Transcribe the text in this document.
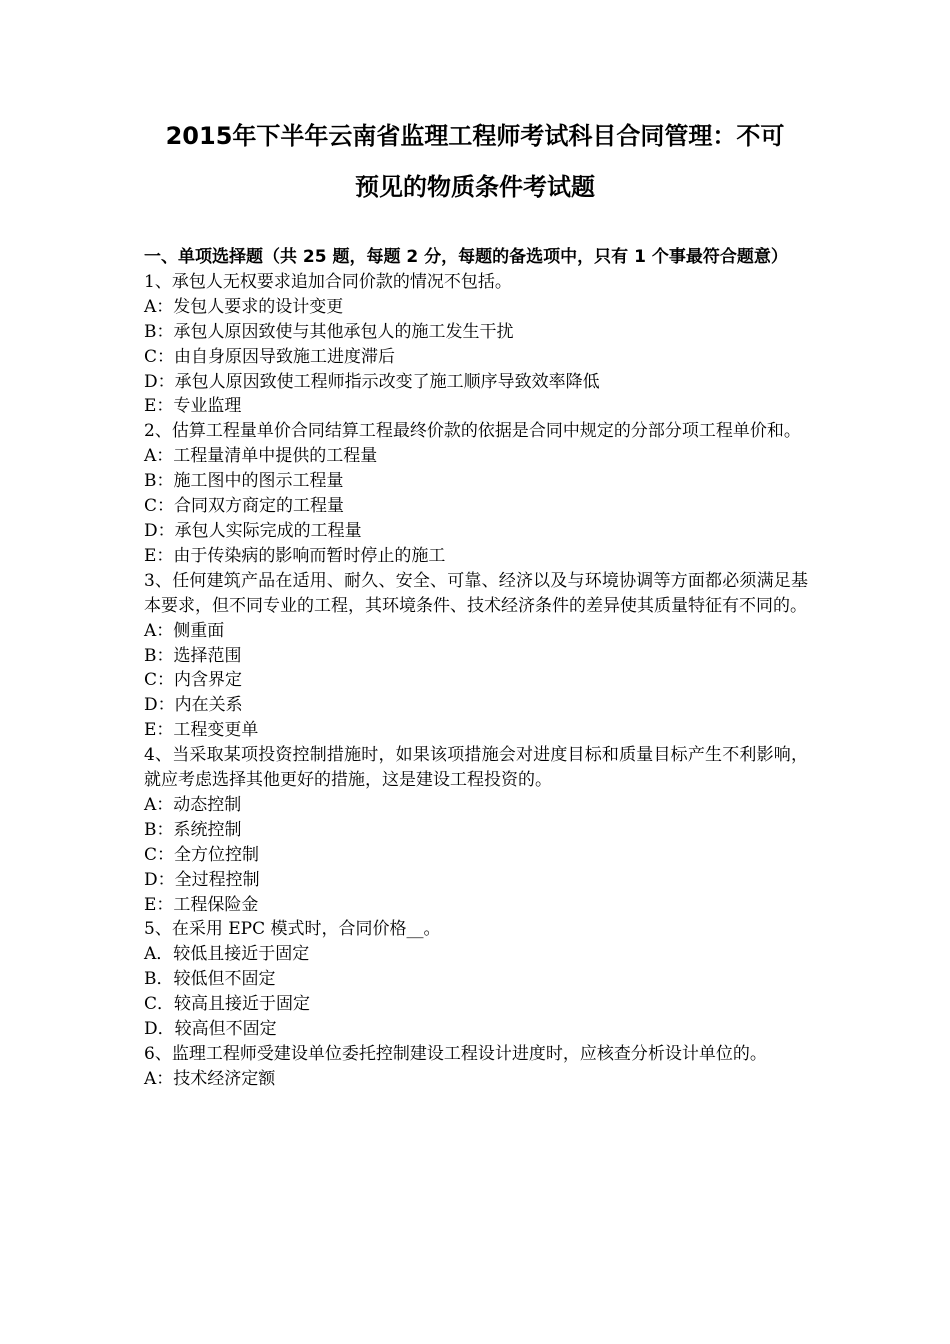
2015年下半年云南省监理工程师考试科目合同管理：不可
预见的物质条件考试题
一、单项选择题（共 25 题，每题 2 分，每题的备选项中，只有 1 个事最符合题意）
1、承包人无权要求追加合同价款的情况不包括。
A：发包人要求的设计变更
B：承包人原因致使与其他承包人的施工发生干扰
C：由自身原因导致施工进度滞后
D：承包人原因致使工程师指示改变了施工顺序导致效率降低
E：专业监理
2、估算工程量单价合同结算工程最终价款的依据是合同中规定的分部分项工程单价和。
A：工程量清单中提供的工程量
B：施工图中的图示工程量
C：合同双方商定的工程量
D：承包人实际完成的工程量
E：由于传染病的影响而暂时停止的施工
3、任何建筑产品在适用、耐久、安全、可靠、经济以及与环境协调等方面都必须满足基本要求，但不同专业的工程，其环境条件、技术经济条件的差异使其质量特征有不同的。
A：侧重面
B：选择范围
C：内含界定
D：内在关系
E：工程变更单
4、当采取某项投资控制措施时，如果该项措施会对进度目标和质量目标产生不利影响，就应考虑选择其他更好的措施，这是建设工程投资的。
A：动态控制
B：系统控制
C：全方位控制
D：全过程控制
E：工程保险金
5、在采用 EPC 模式时，合同价格__。
A．较低且接近于固定
B．较低但不固定
C．较高且接近于固定
D．较高但不固定
6、监理工程师受建设单位委托控制建设工程设计进度时，应核查分析设计单位的。
A：技术经济定额
